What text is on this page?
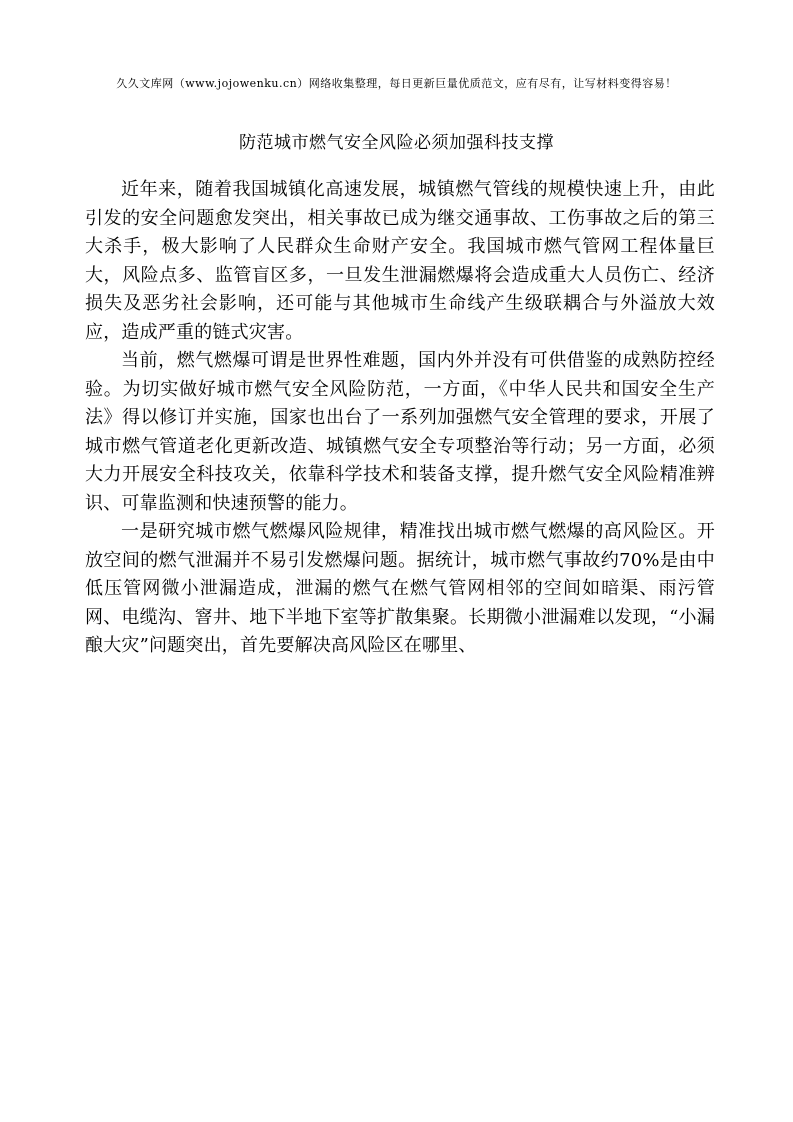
久久文库网（www.jojowenku.cn）网络收集整理，每日更新巨量优质范文，应有尽有，让写材料变得容易！
防范城市燃气安全风险必须加强科技支撑

近年来，随着我国城镇化高速发展，城镇燃气管线的规模快速上升，由此引发的安全问题愈发突出，相关事故已成为继交通事故、工伤事故之后的第三大杀手，极大影响了人民群众生命财产安全。我国城市燃气管网工程体量巨大，风险点多、监管盲区多，一旦发生泄漏燃爆将会造成重大人员伤亡、经济损失及恶劣社会影响，还可能与其他城市生命线产生级联耦合与外溢放大效应，造成严重的链式灾害。

当前，燃气燃爆可谓是世界性难题，国内外并没有可供借鉴的成熟防控经验。为切实做好城市燃气安全风险防范，一方面，《中华人民共和国安全生产法》得以修订并实施，国家也出台了一系列加强燃气安全管理的要求，开展了城市燃气管道老化更新改造、城镇燃气安全专项整治等行动；另一方面，必须大力开展安全科技攻关，依靠科学技术和装备支撑，提升燃气安全风险精准辨识、可靠监测和快速预警的能力。

一是研究城市燃气燃爆风险规律，精准找出城市燃气燃爆的高风险区。开放空间的燃气泄漏并不易引发燃爆问题。据统计，城市燃气事故约70%是由中低压管网微小泄漏造成，泄漏的燃气在燃气管网相邻的空间如暗渠、雨污管网、电缆沟、窨井、地下半地下室等扩散集聚。长期微小泄漏难以发现，“小漏酿大灾”问题突出，首先要解决高风险区在哪里、
